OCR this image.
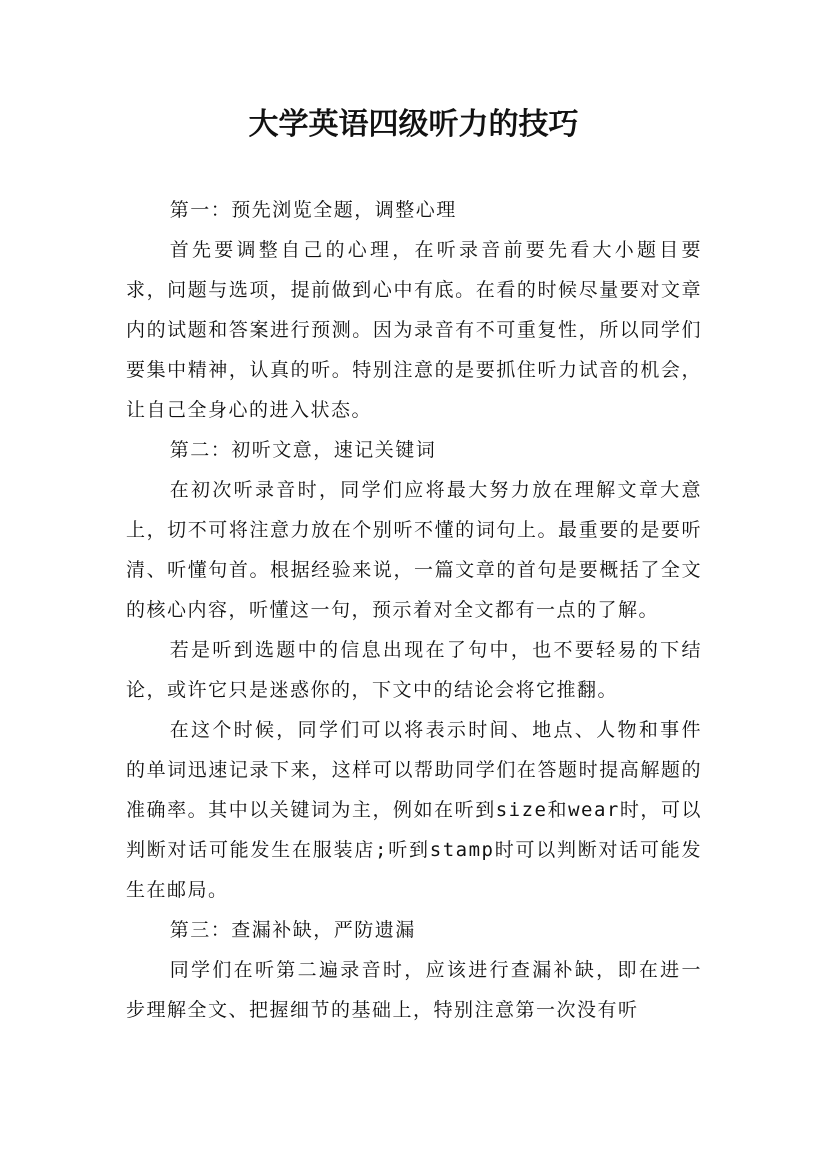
大学英语四级听力的技巧

第一：预先浏览全题，调整心理

首先要调整自己的心理，在听录音前要先看大小题目要求，问题与选项，提前做到心中有底。在看的时候尽量要对文章内的试题和答案进行预测。因为录音有不可重复性，所以同学们要集中精神，认真的听。特别注意的是要抓住听力试音的机会，让自己全身心的进入状态。

第二：初听文意，速记关键词

在初次听录音时，同学们应将最大努力放在理解文章大意上，切不可将注意力放在个别听不懂的词句上。最重要的是要听清、听懂句首。根据经验来说，一篇文章的首句是要概括了全文的核心内容，听懂这一句，预示着对全文都有一点的了解。

若是听到选题中的信息出现在了句中，也不要轻易的下结论，或许它只是迷惑你的，下文中的结论会将它推翻。

在这个时候，同学们可以将表示时间、地点、人物和事件的单词迅速记录下来，这样可以帮助同学们在答题时提高解题的准确率。其中以关键词为主，例如在听到size和wear时，可以判断对话可能发生在服装店;听到stamp时可以判断对话可能发生在邮局。

第三：查漏补缺，严防遗漏

同学们在听第二遍录音时，应该进行查漏补缺，即在进一步理解全文、把握细节的基础上，特别注意第一次没有听
